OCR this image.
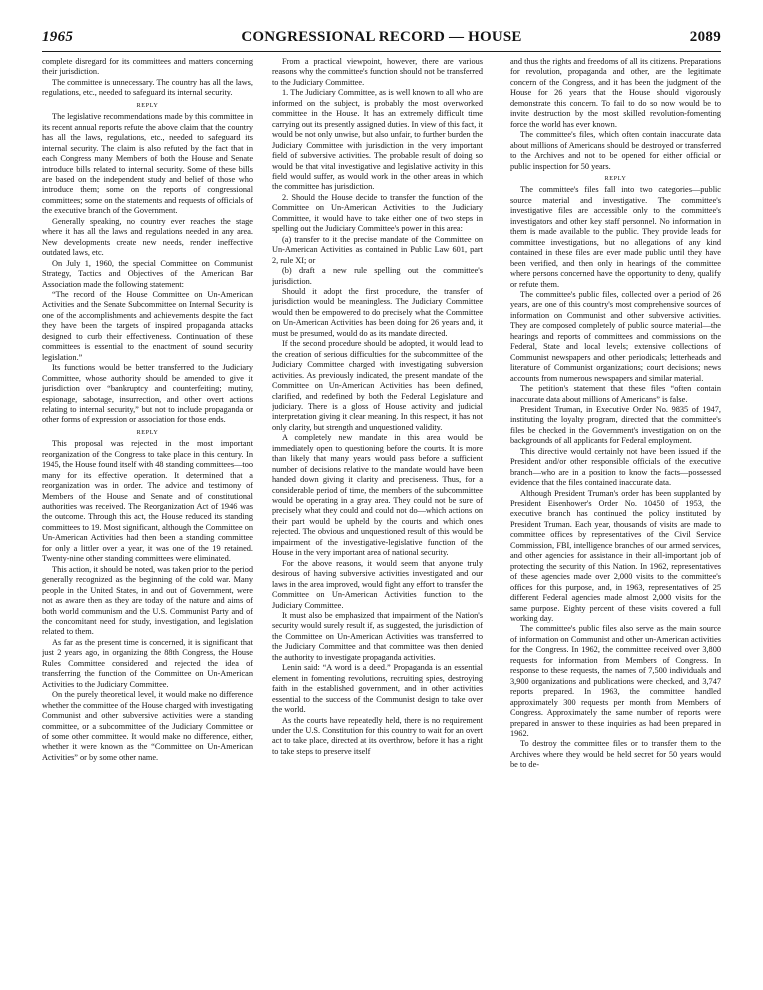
1965	CONGRESSIONAL RECORD — HOUSE	2089

complete disregard for its committees and matters concerning their jurisdiction.

The committee is unnecessary. The country has all the laws, regulations, etc., needed to safeguard its internal security.

REPLY

The legislative recommendations made by this committee in its recent annual reports refute the above claim that the country has all the laws, regulations, etc., needed to safeguard its internal security. The claim is also refuted by the fact that in each Congress many Members of both the House and Senate introduce bills related to internal security. Some of these bills are based on the independent study and belief of those who introduce them; some on the reports of congressional committees; some on the statements and requests of officials of the executive branch of the Government.

Generally speaking, no country ever reaches the stage where it has all the laws and regulations needed in any area. New developments create new needs, render ineffective outdated laws, etc.

On July 1, 1960, the special Committee on Communist Strategy, Tactics and Objectives of the American Bar Association made the following statement:

“The record of the House Committee on Un-American Activities and the Senate Subcommittee on Internal Security is one of the accomplishments and achievements despite the fact they have been the targets of inspired propaganda attacks designed to curb their effectiveness. Continuation of these committees is essential to the enactment of sound security legislation.”

Its functions would be better transferred to the Judiciary Committee, whose authority should be amended to give it jurisdiction over “bankruptcy and counterfeiting; mutiny, espionage, sabotage, insurrection, and other overt actions relating to internal security,” but not to include propaganda or other forms of expression or association for those ends.

REPLY

This proposal was rejected in the most important reorganization of the Congress to take place in this century. In 1945, the House found itself with 48 standing committees—too many for its effective operation. It determined that a reorganization was in order. The advice and testimony of Members of the House and Senate and of constitutional authorities was received. The Reorganization Act of 1946 was the outcome. Through this act, the House reduced its standing committees to 19. Most significant, although the Committee on Un-American Activities had then been a standing committee for only a littler over a year, it was one of the 19 retained. Twenty-nine other standing committees were eliminated.

This action, it should be noted, was taken prior to the period generally recognized as the beginning of the cold war. Many people in the United States, in and out of Government, were not as aware then as they are today of the nature and aims of both world communism and the U.S. Communist Party and of the concomitant need for study, investigation, and legislation related to them.

As far as the present time is concerned, it is significant that just 2 years ago, in organizing the 88th Congress, the House Rules Committee considered and rejected the idea of transferring the function of the Committee on Un-American Activities to the Judiciary Committee.

On the purely theoretical level, it would make no difference whether the committee of the House charged with investigating Communist and other subversive activities were a standing committee, or a subcommittee of the Judiciary Committee or of some other committee. It would make no difference, either, whether it were known as the “Committee on Un-American Activities” or by some other name.

From a practical viewpoint, however, there are various reasons why the committee's function should not be transferred to the Judiciary Committee.

1. The Judiciary Committee, as is well known to all who are informed on the subject, is probably the most overworked committee in the House. It has an extremely difficult time carrying out its presently assigned duties. In view of this fact, it would be not only unwise, but also unfair, to further burden the Judiciary Committee with jurisdiction in the very important field of subversive activities. The probable result of doing so would be that vital investigative and legislative activity in this field would suffer, as would work in the other areas in which the committee has jurisdiction.

2. Should the House decide to transfer the function of the Committee on Un-American Activities to the Judiciary Committee, it would have to take either one of two steps in spelling out the Judiciary Committee's power in this area:

(a) transfer to it the precise mandate of the Committee on Un-American Activities as contained in Public Law 601, part 2, rule XI; or

(b) draft a new rule spelling out the committee's jurisdiction.

Should it adopt the first procedure, the transfer of jurisdiction would be meaningless. The Judiciary Committee would then be empowered to do precisely what the Committee on Un-American Activities has been doing for 26 years and, it must be presumed, would do as its mandate directed.

If the second procedure should be adopted, it would lead to the creation of serious difficulties for the subcommittee of the Judiciary Committee charged with investigating subversion activities. As previously indicated, the present mandate of the Committee on Un-American Activities has been defined, clarified, and redefined by both the Federal Legislature and judiciary. There is a gloss of House activity and judicial interpretation giving it clear meaning. In this respect, it has not only clarity, but strength and unquestioned validity.

A completely new mandate in this area would be immediately open to questioning before the courts. It is more than likely that many years would pass before a sufficient number of decisions relative to the mandate would have been handed down giving it clarity and preciseness. Thus, for a considerable period of time, the members of the subcommittee would be operating in a gray area. They could not be sure of precisely what they could and could not do—which actions on their part would be upheld by the courts and which ones rejected. The obvious and unquestioned result of this would be impairment of the investigative-legislative function of the House in the very important area of national security.

For the above reasons, it would seem that anyone truly desirous of having subversive activities investigated and our laws in the area improved, would fight any effort to transfer the Committee on Un-American Activities function to the Judiciary Committee.

It must also be emphasized that impairment of the Nation's security would surely result if, as suggested, the jurisdiction of the Committee on Un-American Activities was transferred to the Judiciary Committee and that committee was then denied the authority to investigate propaganda activities.

Lenin said: “A word is a deed.” Propaganda is an essential element in fomenting revolutions, recruiting spies, destroying faith in the established government, and in other activities essential to the success of the Communist design to take over the world.

As the courts have repeatedly held, there is no requirement under the U.S. Constitution for this country to wait for an overt act to take place, directed at its overthrow, before it has a right to take steps to preserve itself

and thus the rights and freedoms of all its citizens. Preparations for revolution, propaganda and other, are the legitimate concern of the Congress, and it has been the judgment of the House for 26 years that the House should vigorously demonstrate this concern. To fail to do so now would be to invite destruction by the most skilled revolution-fomenting force the world has ever known.

The committee's files, which often contain inaccurate data about millions of Americans should be destroyed or transferred to the Archives and not to be opened for either official or public inspection for 50 years.

REPLY

The committee's files fall into two categories—public source material and investigative. The committee's investigative files are accessible only to the committee's investigators and other key staff personnel. No information in them is made available to the public. They provide leads for committee investigations, but no allegations of any kind contained in these files are ever made public until they have been verified, and then only in hearings of the committee where persons concerned have the opportunity to deny, qualify or refute them.

The committee's public files, collected over a period of 26 years, are one of this country's most comprehensive sources of information on Communist and other subversive activities. They are composed completely of public source material—the hearings and reports of committees and commissions on the Federal, State and local levels; extensive collections of Communist newspapers and other periodicals; letterheads and literature of Communist organizations; court decisions; news accounts from numerous newspapers and similar material.

The petition's statement that these files “often contain inaccurate data about millions of Americans” is false.

President Truman, in Executive Order No. 9835 of 1947, instituting the loyalty program, directed that the committee's files be checked in the Government's investigation on on the backgrounds of all applicants for Federal employment.

This directive would certainly not have been issued if the President and/or other responsible officials of the executive branch—who are in a position to know the facts—possessed evidence that the files contained inaccurate data.

Although President Truman's order has been supplanted by President Eisenhower's Order No. 10450 of 1953, the executive branch has continued the policy instituted by President Truman. Each year, thousands of visits are made to committee offices by representatives of the Civil Service Commission, FBI, intelligence branches of our armed services, and other agencies for assistance in their all-important job of protecting the security of this Nation. In 1962, representatives of these agencies made over 2,000 visits to the committee's offices for this purpose, and, in 1963, representatives of 25 different Federal agencies made almost 2,000 visits for the same purpose. Eighty percent of these visits covered a full working day.

The committee's public files also serve as the main source of information on Communist and other un-American activities for the Congress. In 1962, the committee received over 3,800 requests for information from Members of Congress. In response to these requests, the names of 7,500 individuals and 3,900 organizations and publications were checked, and 3,747 reports prepared. In 1963, the committee handled approximately 300 requests per month from Members of Congress. Approximately the same number of reports were prepared in answer to these inquiries as had been prepared in 1962.

To destroy the committee files or to transfer them to the Archives where they would be held secret for 50 years would be to de-
